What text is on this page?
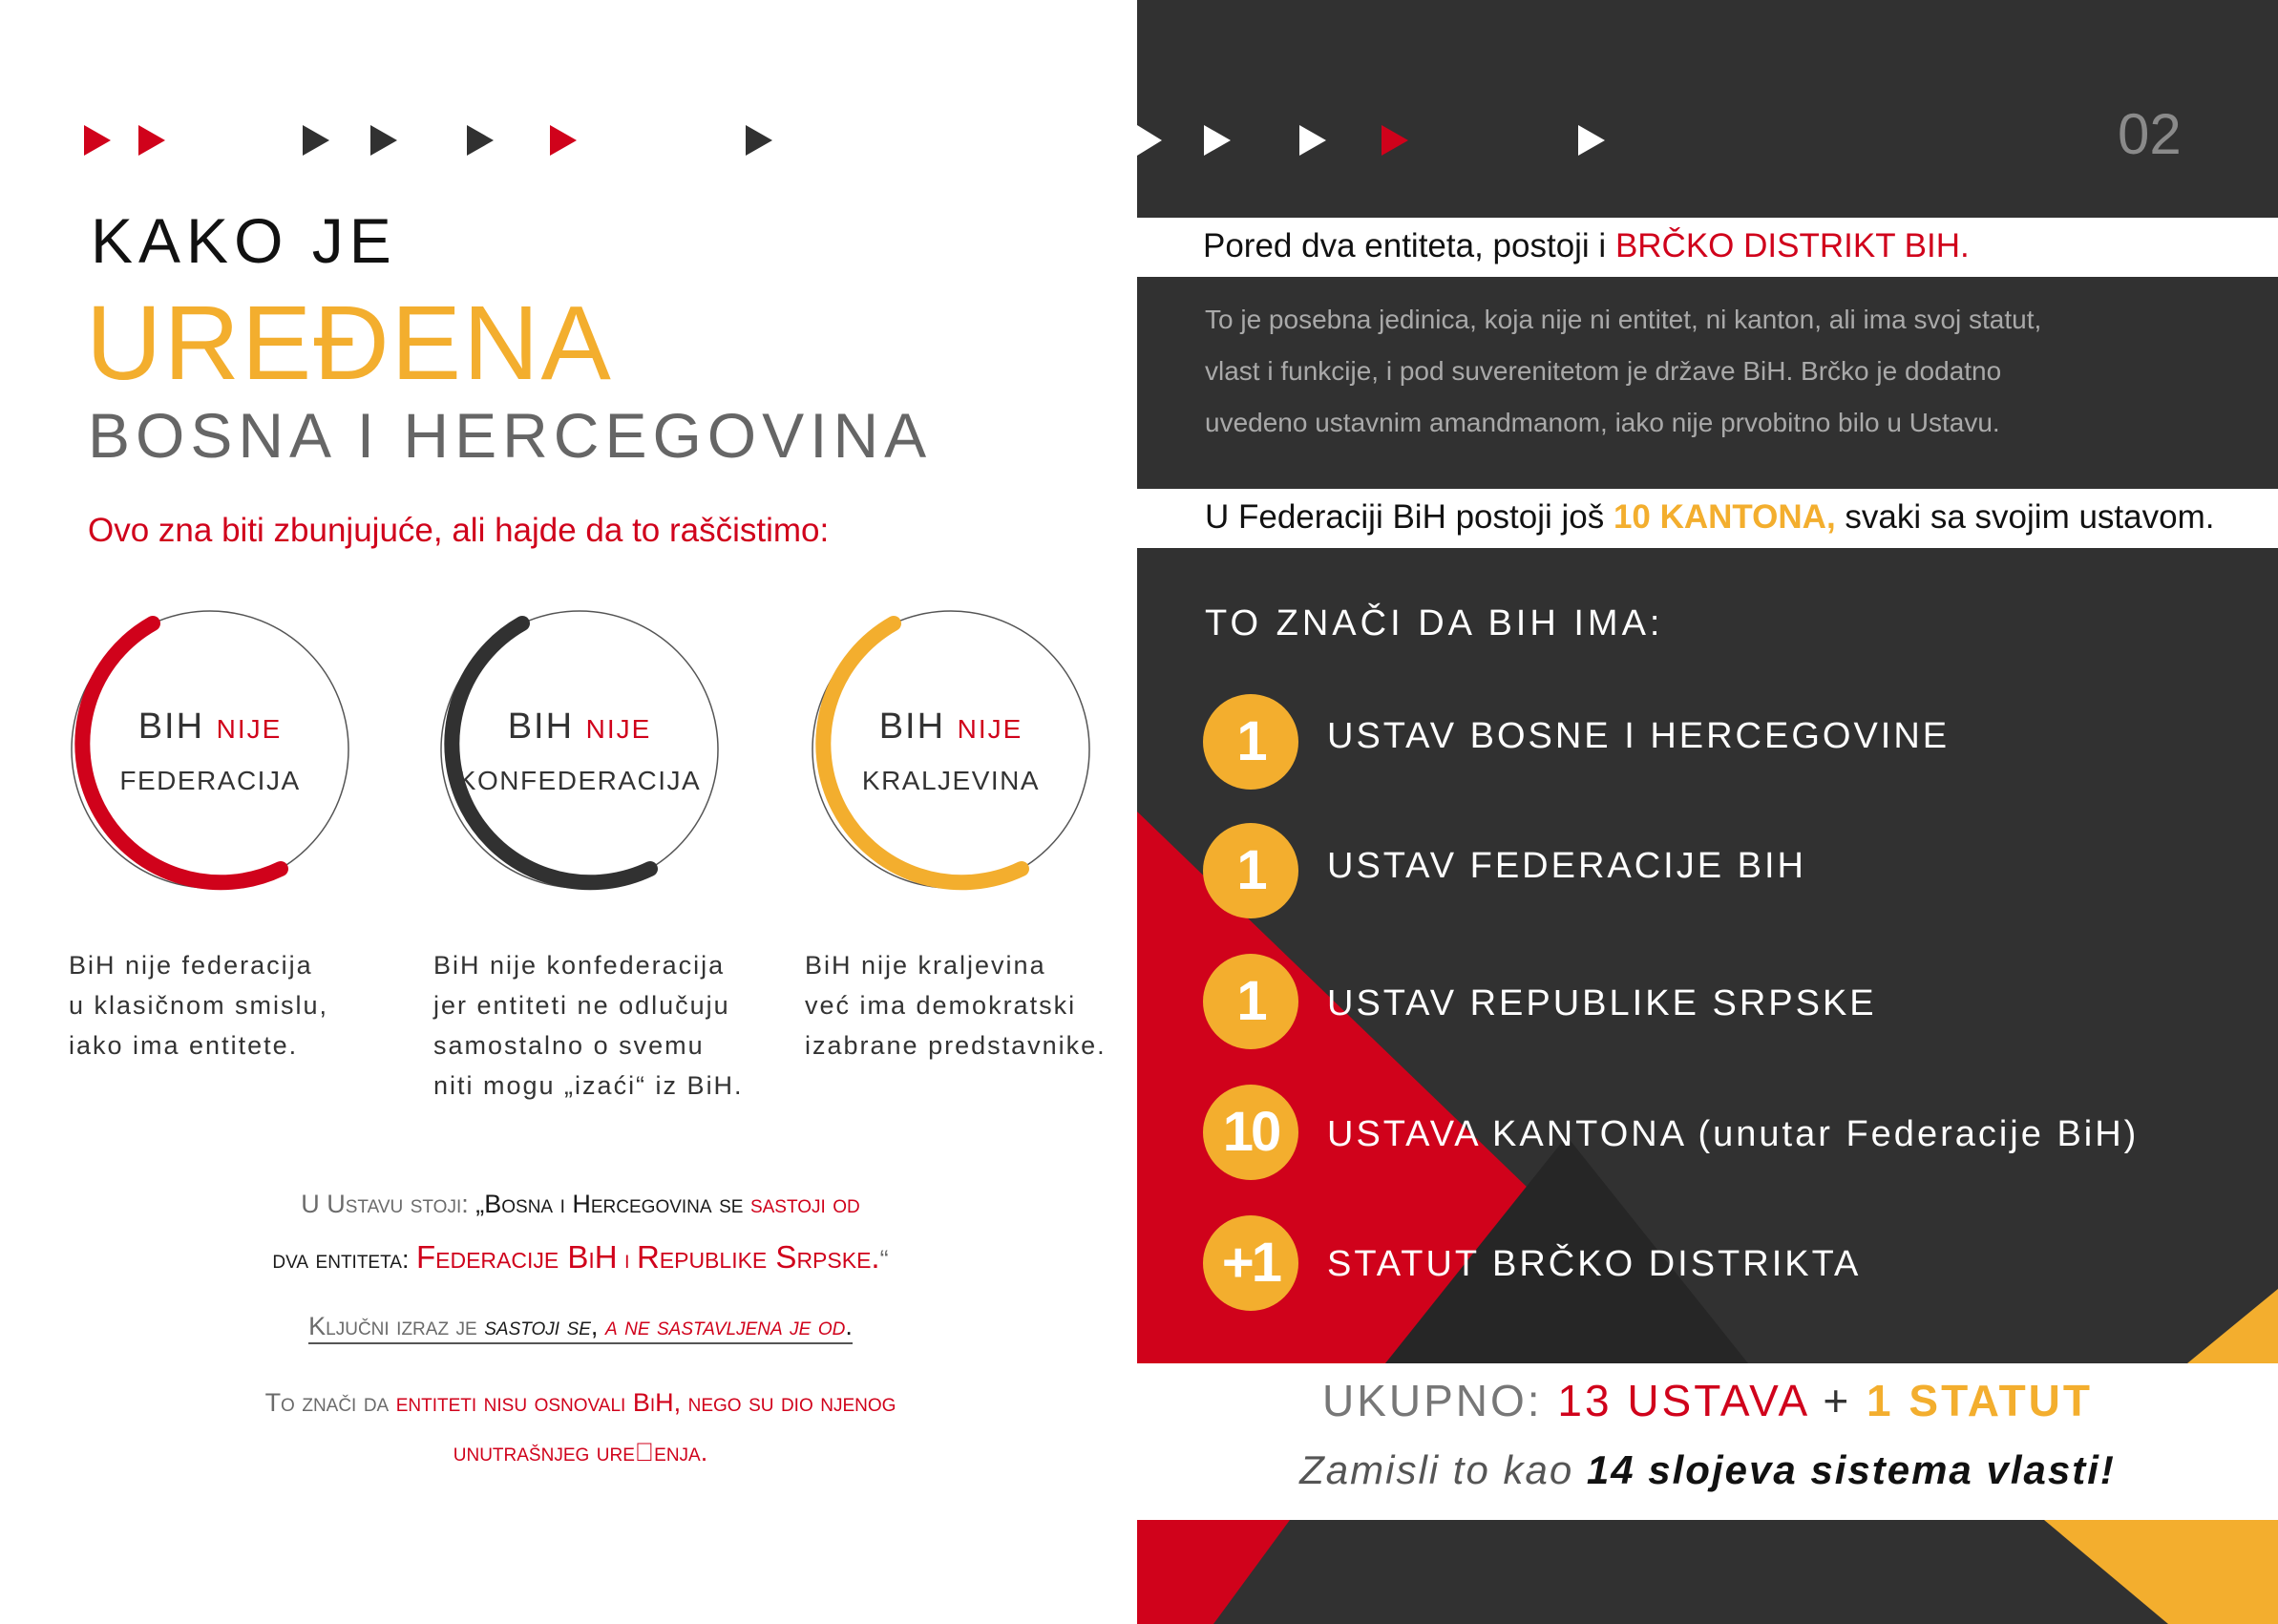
KAKO JE
UREĐENA
BOSNA I HERCEGOVINA
Ovo zna biti zbunjujuće, ali hajde da to raščistimo:
BIH NIJE
FEDERACIJA
BIH NIJE
KONFEDERACIJA
BIH NIJE
KRALJEVINA
BiH nije federacija
u klasičnom smislu,
iako ima entitete.
BiH nije konfederacija
jer entiteti ne odlučuju
samostalno o svemu
niti mogu „izaći“ iz BiH.
BiH nije kraljevina
već ima demokratski
izabrane predstavnike.
U Ustavu stoji: „Bosna i Hercegovina se sastoji od
dva entiteta: Federacije BiH i Republike Srpske.“
Ključni izraz je sastoji se, a ne sastavljena je od.
To znači da entiteti nisu osnovali BiH, nego su dio njenog
unutrašnjeg ure􏿾enja.
02
Pored dva entiteta, postoji i BRČKO DISTRIKT BIH.
To je posebna jedinica, koja nije ni entitet, ni kanton, ali ima svoj statut,
vlast i funkcije, i pod suverenitetom je države BiH. Brčko je dodatno
uvedeno ustavnim amandmanom, iako nije prvobitno bilo u Ustavu.
U Federaciji BiH postoji još 10 KANTONA, svaki sa svojim ustavom.
TO ZNAČI DA BIH IMA:
1	USTAV BOSNE I HERCEGOVINE
1	USTAV FEDERACIJE BIH
1	USTAV REPUBLIKE SRPSKE
10	USTAVA KANTONA (unutar Federacije BiH)
+1	STATUT BRČKO DISTRIKTA
UKUPNO: 13 USTAVA + 1 STATUT
Zamisli to kao 14 slojeva sistema vlasti!
